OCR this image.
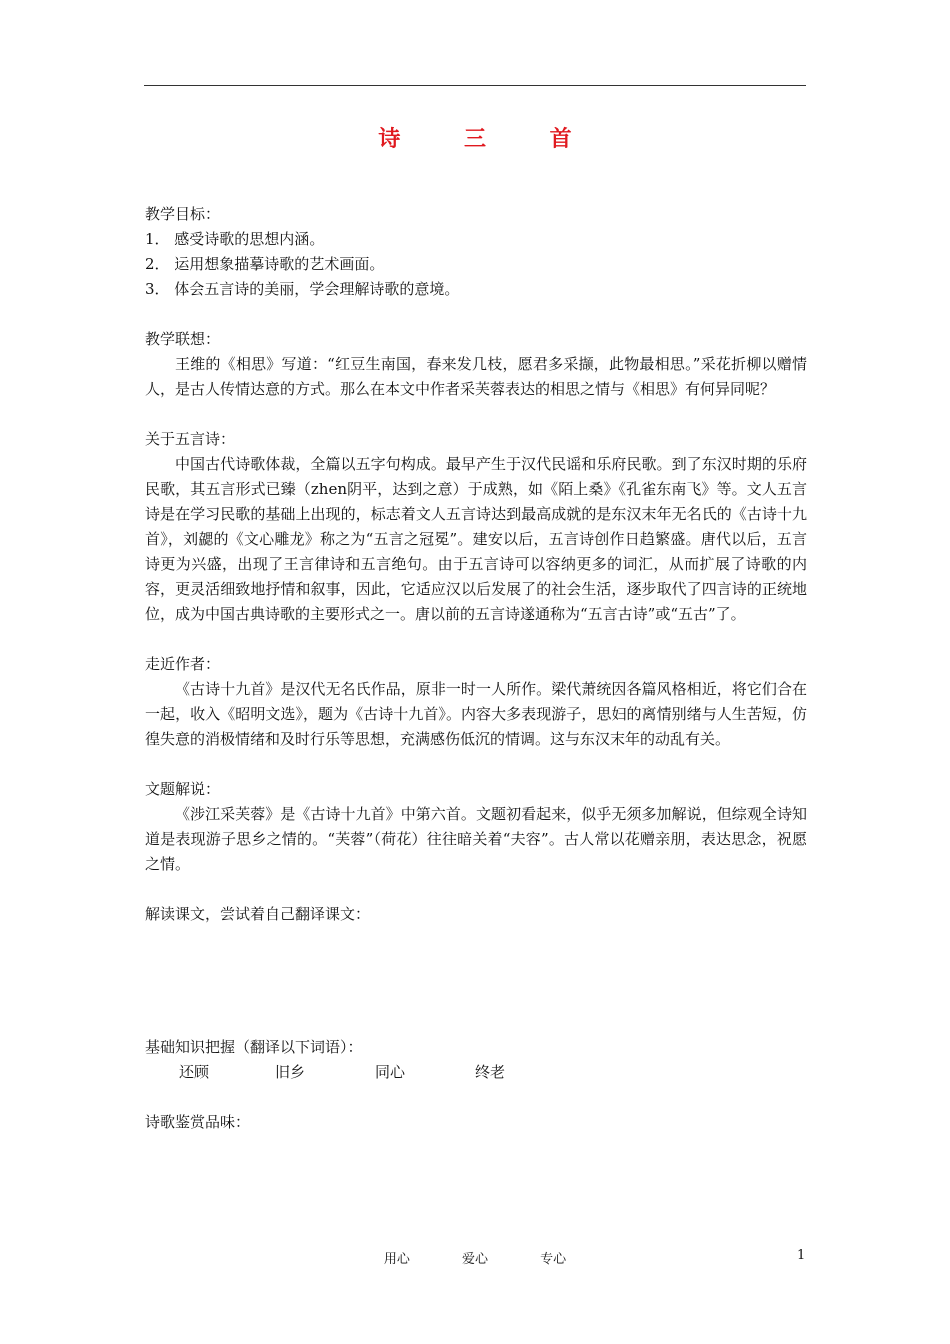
诗 三 首

教学目标：

1． 感受诗歌的思想内涵。
2． 运用想象描摹诗歌的艺术画面。
3． 体会五言诗的美丽，学会理解诗歌的意境。

教学联想：

王维的《相思》写道：“红豆生南国，春来发几枝，愿君多采撷，此物最相思。”采花折柳以赠情人，是古人传情达意的方式。那么在本文中作者采芙蓉表达的相思之情与《相思》有何异同呢？

关于五言诗：

中国古代诗歌体裁，全篇以五字句构成。最早产生于汉代民谣和乐府民歌。到了东汉时期的乐府民歌，其五言形式已臻（zhen阴平，达到之意）于成熟，如《陌上桑》《孔雀东南飞》等。文人五言诗是在学习民歌的基础上出现的，标志着文人五言诗达到最高成就的是东汉末年无名氏的《古诗十九首》，刘勰的《文心雕龙》称之为“五言之冠冕”。建安以后，五言诗创作日趋繁盛。唐代以后，五言诗更为兴盛，出现了王言律诗和五言绝句。由于五言诗可以容纳更多的词汇，从而扩展了诗歌的内容，更灵活细致地抒情和叙事，因此，它适应汉以后发展了的社会生活，逐步取代了四言诗的正统地位，成为中国古典诗歌的主要形式之一。唐以前的五言诗遂通称为“五言古诗”或“五古”了。

走近作者：

《古诗十九首》是汉代无名氏作品，原非一时一人所作。梁代萧统因各篇风格相近，将它们合在一起，收入《昭明文选》，题为《古诗十九首》。内容大多表现游子，思妇的离情别绪与人生苦短，仿徨失意的消极情绪和及时行乐等思想，充满感伤低沉的情调。这与东汉末年的动乱有关。

文题解说：

《涉江采芙蓉》是《古诗十九首》中第六首。文题初看起来，似乎无须多加解说，但综观全诗知道是表现游子思乡之情的。“芙蓉”（荷花）往往暗关着“夫容”。古人常以花赠亲朋，表达思念，祝愿之情。

解读课文，尝试着自己翻译课文：

基础知识把握（翻译以下词语）：

还顾	旧乡	同心	终老

诗歌鉴赏品味：

用心	爱心	专心	1
